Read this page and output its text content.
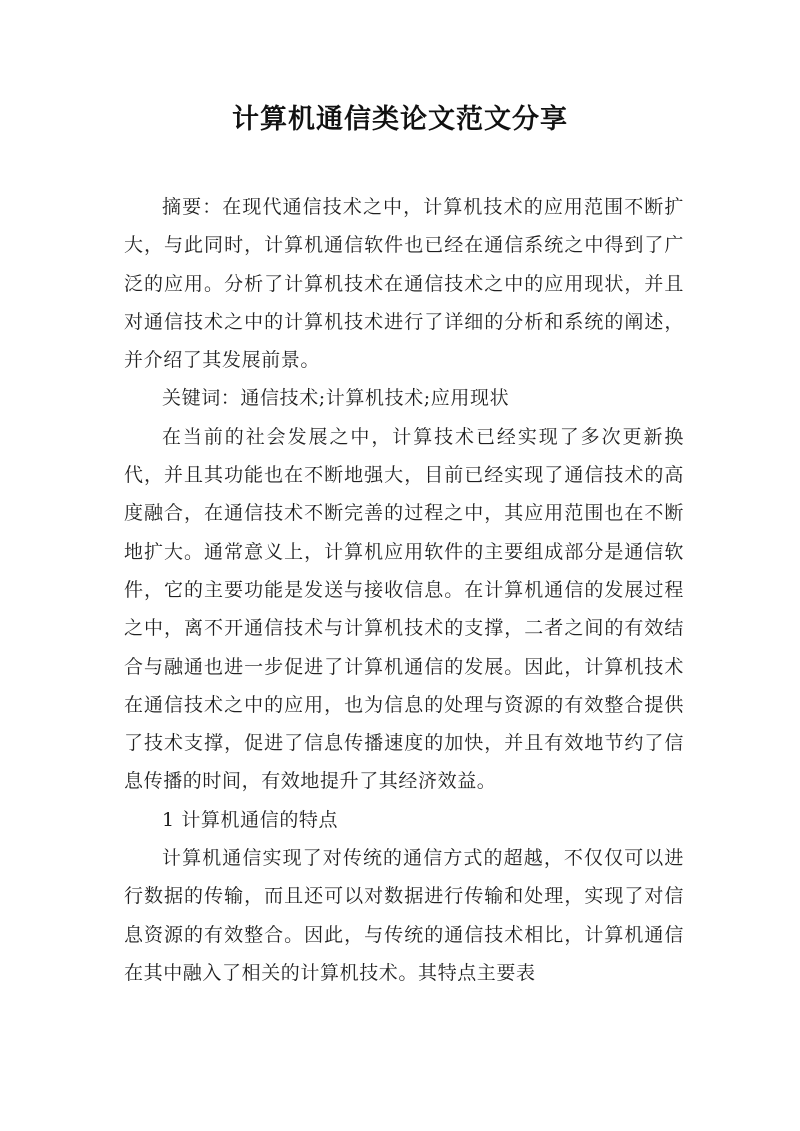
计算机通信类论文范文分享

摘要：在现代通信技术之中，计算机技术的应用范围不断扩大，与此同时，计算机通信软件也已经在通信系统之中得到了广泛的应用。分析了计算机技术在通信技术之中的应用现状，并且对通信技术之中的计算机技术进行了详细的分析和系统的阐述，并介绍了其发展前景。

关键词：通信技术;计算机技术;应用现状

在当前的社会发展之中，计算技术已经实现了多次更新换代，并且其功能也在不断地强大，目前已经实现了通信技术的高度融合，在通信技术不断完善的过程之中，其应用范围也在不断地扩大。通常意义上，计算机应用软件的主要组成部分是通信软件，它的主要功能是发送与接收信息。在计算机通信的发展过程之中，离不开通信技术与计算机技术的支撑，二者之间的有效结合与融通也进一步促进了计算机通信的发展。因此，计算机技术在通信技术之中的应用，也为信息的处理与资源的有效整合提供了技术支撑，促进了信息传播速度的加快，并且有效地节约了信息传播的时间，有效地提升了其经济效益。

1 计算机通信的特点

计算机通信实现了对传统的通信方式的超越，不仅仅可以进行数据的传输，而且还可以对数据进行传输和处理，实现了对信息资源的有效整合。因此，与传统的通信技术相比，计算机通信在其中融入了相关的计算机技术。其特点主要表
